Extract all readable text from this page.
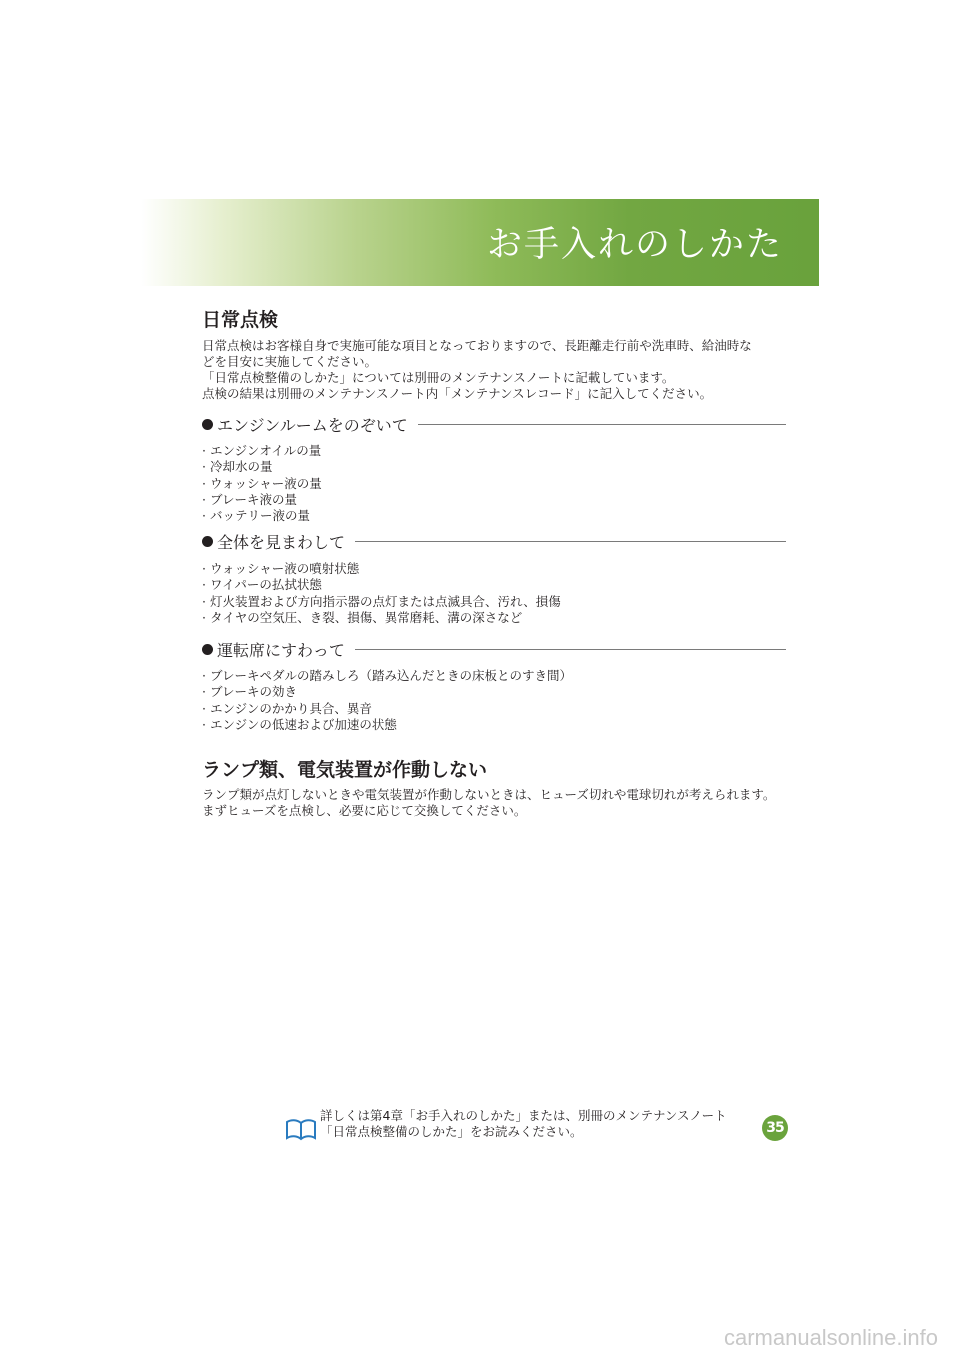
お手入れのしかた
日常点検
日常点検はお客様自身で実施可能な項目となっておりますので、長距離走行前や洗車時、給油時な
どを目安に実施してください。
「日常点検整備のしかた」については別冊のメンテナンスノートに記載しています。
点検の結果は別冊のメンテナンスノート内「メンテナンスレコード」に記入してください。
エンジンルームをのぞいて
· エンジンオイルの量
· 冷却水の量
· ウォッシャー液の量
· ブレーキ液の量
· バッテリー液の量
全体を見まわして
· ウォッシャー液の噴射状態
· ワイパーの払拭状態
· 灯火装置および方向指示器の点灯または点滅具合、汚れ、損傷
· タイヤの空気圧、き裂、損傷、異常磨耗、溝の深さなど
運転席にすわって
· ブレーキペダルの踏みしろ（踏み込んだときの床板とのすき間）
· ブレーキの効き
· エンジンのかかり具合、異音
· エンジンの低速および加速の状態
ランプ類、電気装置が作動しない
ランプ類が点灯しないときや電気装置が作動しないときは、ヒューズ切れや電球切れが考えられます。
まずヒューズを点検し、必要に応じて交換してください。
詳しくは第4章「お手入れのしかた」または、別冊のメンテナンスノート
「日常点検整備のしかた」をお読みください。	35
carmanualsonline.info
